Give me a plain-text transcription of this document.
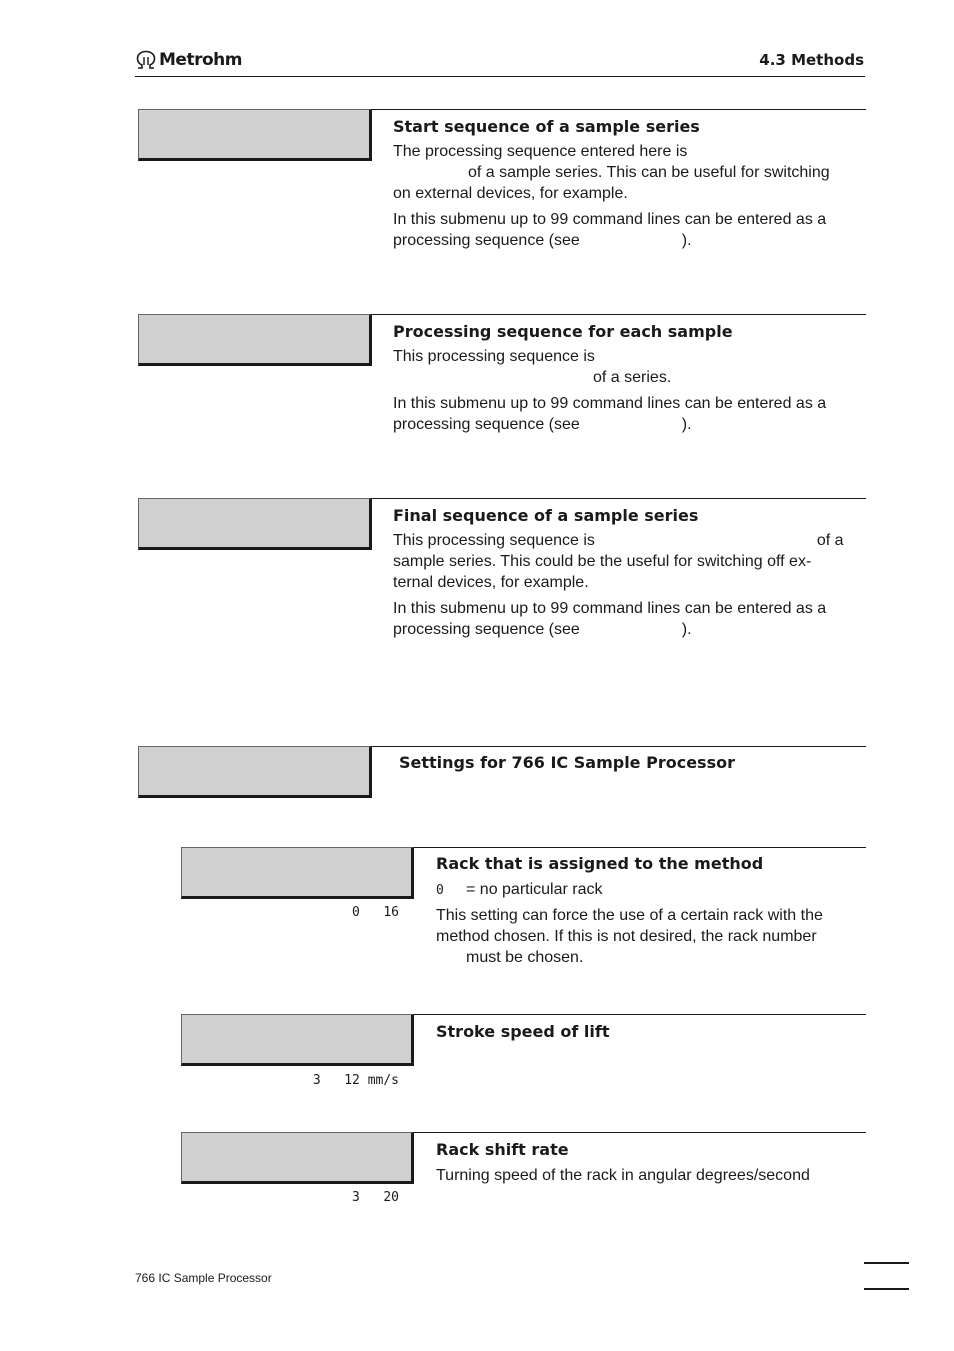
Metrohm	4.3 Methods
Start sequence of a sample series
The processing sequence entered here is
of a sample series. This can be useful for switching
on external devices, for example.
In this submenu up to 99 command lines can be entered as a
processing sequence (see	).
Processing sequence for each sample
This processing sequence is
of a series.
In this submenu up to 99 command lines can be entered as a
processing sequence (see	).
Final sequence of a sample series
This processing sequence is	of a
sample series. This could be the useful for switching off ex-
ternal devices, for example.
In this submenu up to 99 command lines can be entered as a
processing sequence (see	).
Settings for 766 IC Sample Processor
0   16
Rack that is assigned to the method
0 = no particular rack
This setting can force the use of a certain rack with the
method chosen. If this is not desired, the rack number
must be chosen.
3   12 mm/s
Stroke speed of lift
3   20
Rack shift rate
Turning speed of the rack in angular degrees/second
766 IC Sample Processor
